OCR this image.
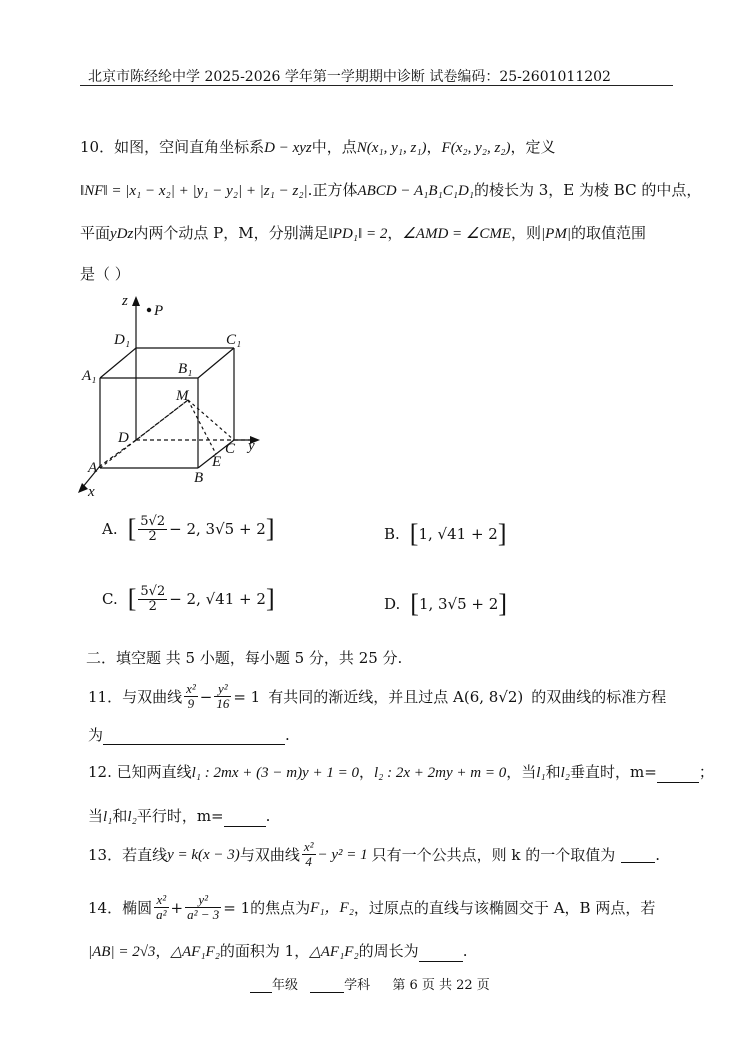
北京市陈经纶中学 2025-2026 学年第一学期期中诊断 试卷编码：25-2601011202
10．如图，空间直角坐标系D − xyz中，点N(x₁, y₁, z₁)，F(x₂, y₂, z₂)，定义
‖NF‖ = |x₁ − x₂| + |y₁ − y₂| + |z₁ − z₂|.正方体ABCD − A₁B₁C₁D₁的棱长为 3，E 为棱 BC 的中点，
平面yDz内两个动点 P，M，分别满足‖PD₁‖ = 2，∠AMD = ∠CME，则|PM|的取值范围
是（ ）
z
P
D₁	C₁
A₁	B₁
M
D
C y
A	E
B
x
A. [ $\frac{5√2}{2} - 2$, 3√5 + 2 ]	B. [ 1, √41 + 2 ]
C. [ $\frac{5√2}{2} - 2$, √41 + 2 ]	D. [ 1, 3√5 + 2 ]
二．填空题 共 5 小题，每小题 5 分，共 25 分.
11．与双曲线 $\frac{\text{x²}}{9} - \frac{\text{y²}}{16} = 1$ 有共同的渐近线，并且过点 A (6, 8√2) 的双曲线的标准方程
为	.
12. 已知两直线l₁ : 2mx + (3 − m)y + 1 = 0，l₂ : 2x + 2my + m = 0，当l₁和l₂垂直时，m=	；
当l₁和l₂平行时，m=	.
13．若直线 y = k(x − 3) 与双曲线 $\frac{\text{x²}}{4} - y^2 = 1$ 只有一个公共点，则 k 的一个取值为	.
14．椭圆 $\frac{\text{x²}}{\text{a²}} + \frac{\text{y²}}{\text{a² − 3}} = 1$ 的焦点为 F₁，F₂ ，过原点的直线与该椭圆交于 A，B 两点，若
|AB| = 2√3，△AF₁F₂的面积为 1，△AF₁F₂的周长为	.
年级	学科 第 6 页 共 22 页
